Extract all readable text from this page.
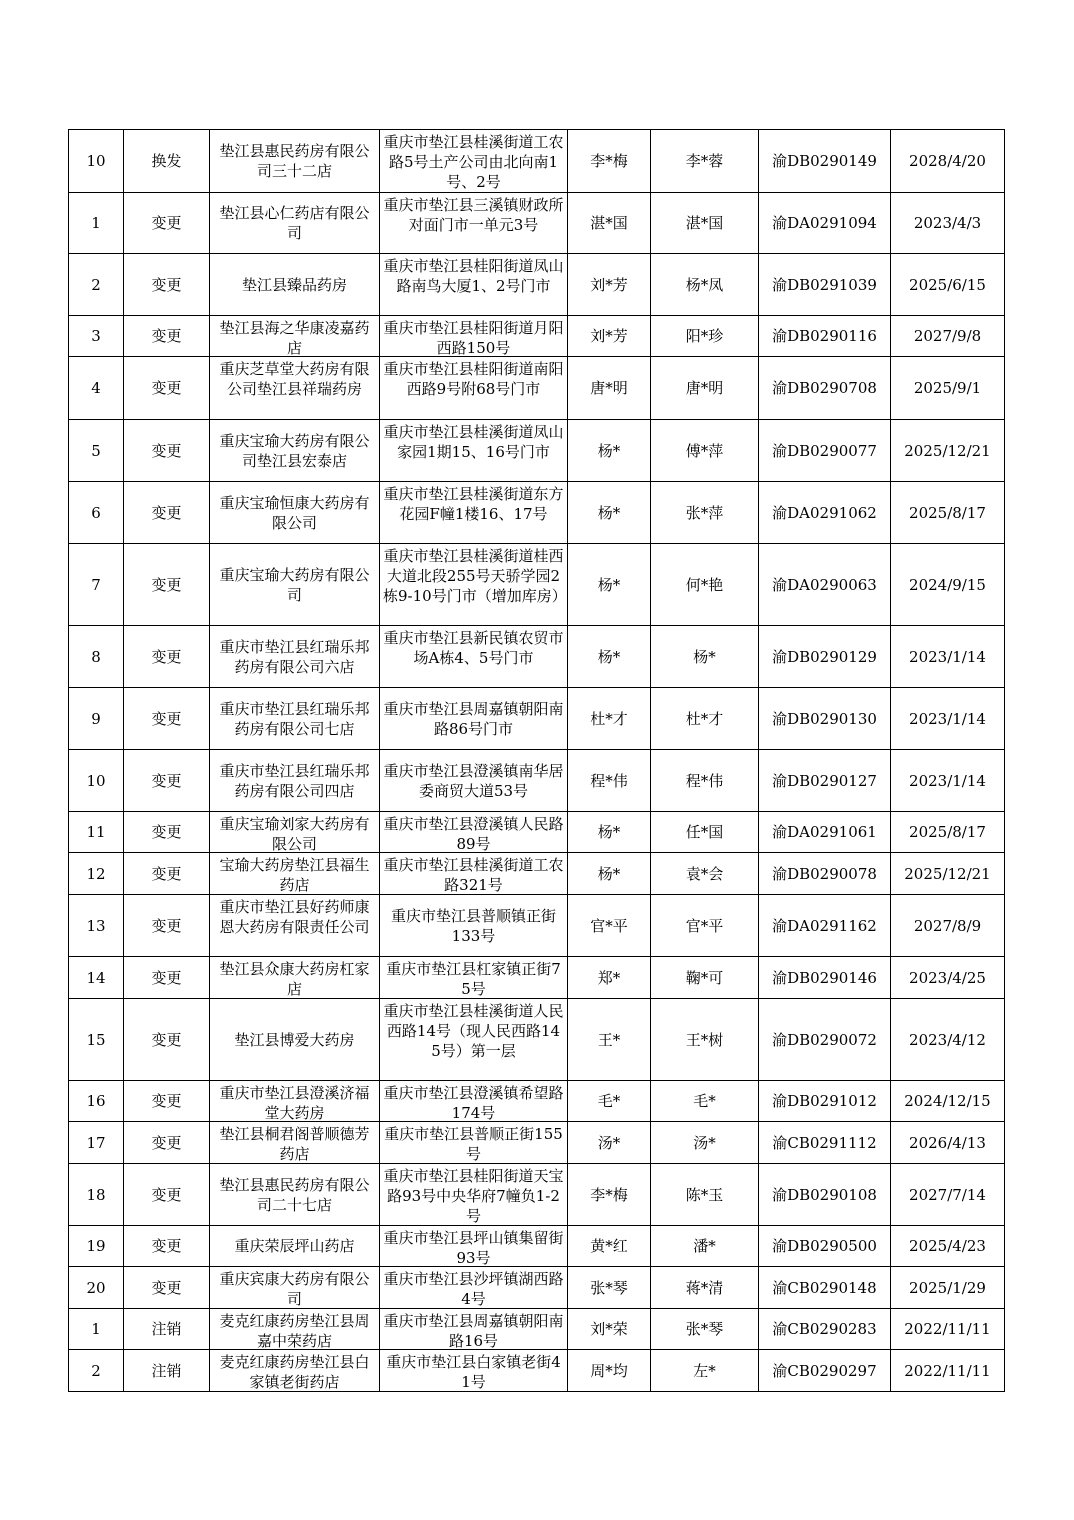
10	换发	垫江县惠民药房有限公司三十二店	重庆市垫江县桂溪街道工农路5号土产公司由北向南1号、2号	李*梅	李*蓉	渝DB0290149	2028/4/20

1	变更	垫江县心仁药店有限公司	重庆市垫江县三溪镇财政所对面门市一单元3号	湛*国	湛*国	渝DA0291094	2023/4/3

2	变更	垫江县臻品药房	重庆市垫江县桂阳街道凤山路南鸟大厦1、2号门市	刘*芳	杨*凤	渝DB0291039	2025/6/15

3	变更	垫江县海之华康凌嘉药店	重庆市垫江县桂阳街道月阳西路150号	刘*芳	阳*珍	渝DB0290116	2027/9/8

4	变更	重庆芝草堂大药房有限公司垫江县祥瑞药房	重庆市垫江县桂阳街道南阳西路9号附68号门市	唐*明	唐*明	渝DB0290708	2025/9/1

5	变更	重庆宝瑜大药房有限公司垫江县宏泰店	重庆市垫江县桂溪街道凤山家园1期15、16号门市	杨*	傅*萍	渝DB0290077	2025/12/21

6	变更	重庆宝瑜恒康大药房有限公司	重庆市垫江县桂溪街道东方花园F幢1楼16、17号	杨*	张*萍	渝DA0291062	2025/8/17

7	变更	重庆宝瑜大药房有限公司	重庆市垫江县桂溪街道桂西大道北段255号天骄学园2栋9-10号门市（增加库房）	杨*	何*艳	渝DA0290063	2024/9/15

8	变更	重庆市垫江县红瑞乐邦药房有限公司六店	重庆市垫江县新民镇农贸市场A栋4、5号门市	杨*	杨*	渝DB0290129	2023/1/14

9	变更	重庆市垫江县红瑞乐邦药房有限公司七店	重庆市垫江县周嘉镇朝阳南路86号门市	杜*才	杜*才	渝DB0290130	2023/1/14

10	变更	重庆市垫江县红瑞乐邦药房有限公司四店	重庆市垫江县澄溪镇南华居委商贸大道53号	程*伟	程*伟	渝DB0290127	2023/1/14

11	变更	重庆宝瑜刘家大药房有限公司	重庆市垫江县澄溪镇人民路89号	杨*	任*国	渝DA0291061	2025/8/17

12	变更	宝瑜大药房垫江县福生药店	重庆市垫江县桂溪街道工农路321号	杨*	袁*会	渝DB0290078	2025/12/21

13	变更	重庆市垫江县好药师康恩大药房有限责任公司	重庆市垫江县普顺镇正街133号	官*平	官*平	渝DA0291162	2027/8/9

14	变更	垫江县众康大药房杠家店	重庆市垫江县杠家镇正街75号	郑*	鞠*可	渝DB0290146	2023/4/25

15	变更	垫江县博爱大药房	重庆市垫江县桂溪街道人民西路14号（现人民西路145号）第一层	王*	王*树	渝DB0290072	2023/4/12

16	变更	重庆市垫江县澄溪济福堂大药房	重庆市垫江县澄溪镇希望路174号	毛*	毛*	渝DB0291012	2024/12/15

17	变更	垫江县桐君阁普顺德芳药店	重庆市垫江县普顺正街155号	汤*	汤*	渝CB0291112	2026/4/13

18	变更	垫江县惠民药房有限公司二十七店	重庆市垫江县桂阳街道天宝路93号中央华府7幢负1-2号	李*梅	陈*玉	渝DB0290108	2027/7/14

19	变更	重庆荣辰坪山药店	重庆市垫江县坪山镇集留街93号	黄*红	潘*	渝DB0290500	2025/4/23

20	变更	重庆宾康大药房有限公司	重庆市垫江县沙坪镇湖西路4号	张*琴	蒋*清	渝CB0290148	2025/1/29

1	注销	麦克红康药房垫江县周嘉中荣药店	重庆市垫江县周嘉镇朝阳南路16号	刘*荣	张*琴	渝CB0290283	2022/11/11

2	注销	麦克红康药房垫江县白家镇老街药店	重庆市垫江县白家镇老街41号	周*均	左*	渝CB0290297	2022/11/11
